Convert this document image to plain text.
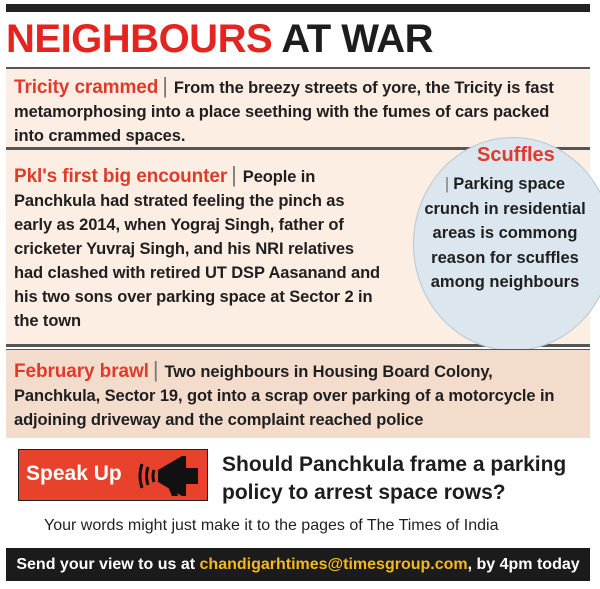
NEIGHBOURS AT WAR
Tricity crammed | From the breezy streets of yore, the Tricity is fast metamorphosing into a place seething with the fumes of cars packed into crammed spaces.
Scuffles
| Parking space crunch in residential areas is commong reason for scuffles among neighbours
Pkl's first big encounter | People in Panchkula had strated feeling the pinch as early as 2014, when Yograj Singh, father of cricketer Yuvraj Singh, and his NRI relatives had clashed with retired UT DSP Aasanand and his two sons over parking space at Sector 2 in the town
February brawl | Two neighbours in Housing Board Colony, Panchkula, Sector 19, got into a scrap over parking of a motorcycle in adjoining driveway and the complaint reached police
Speak Up	Should Panchkula frame a parking policy to arrest space rows?
Your words might just make it to the pages of The Times of India
Send your view to us at chandigarhtimes@timesgroup.com, by 4pm today
